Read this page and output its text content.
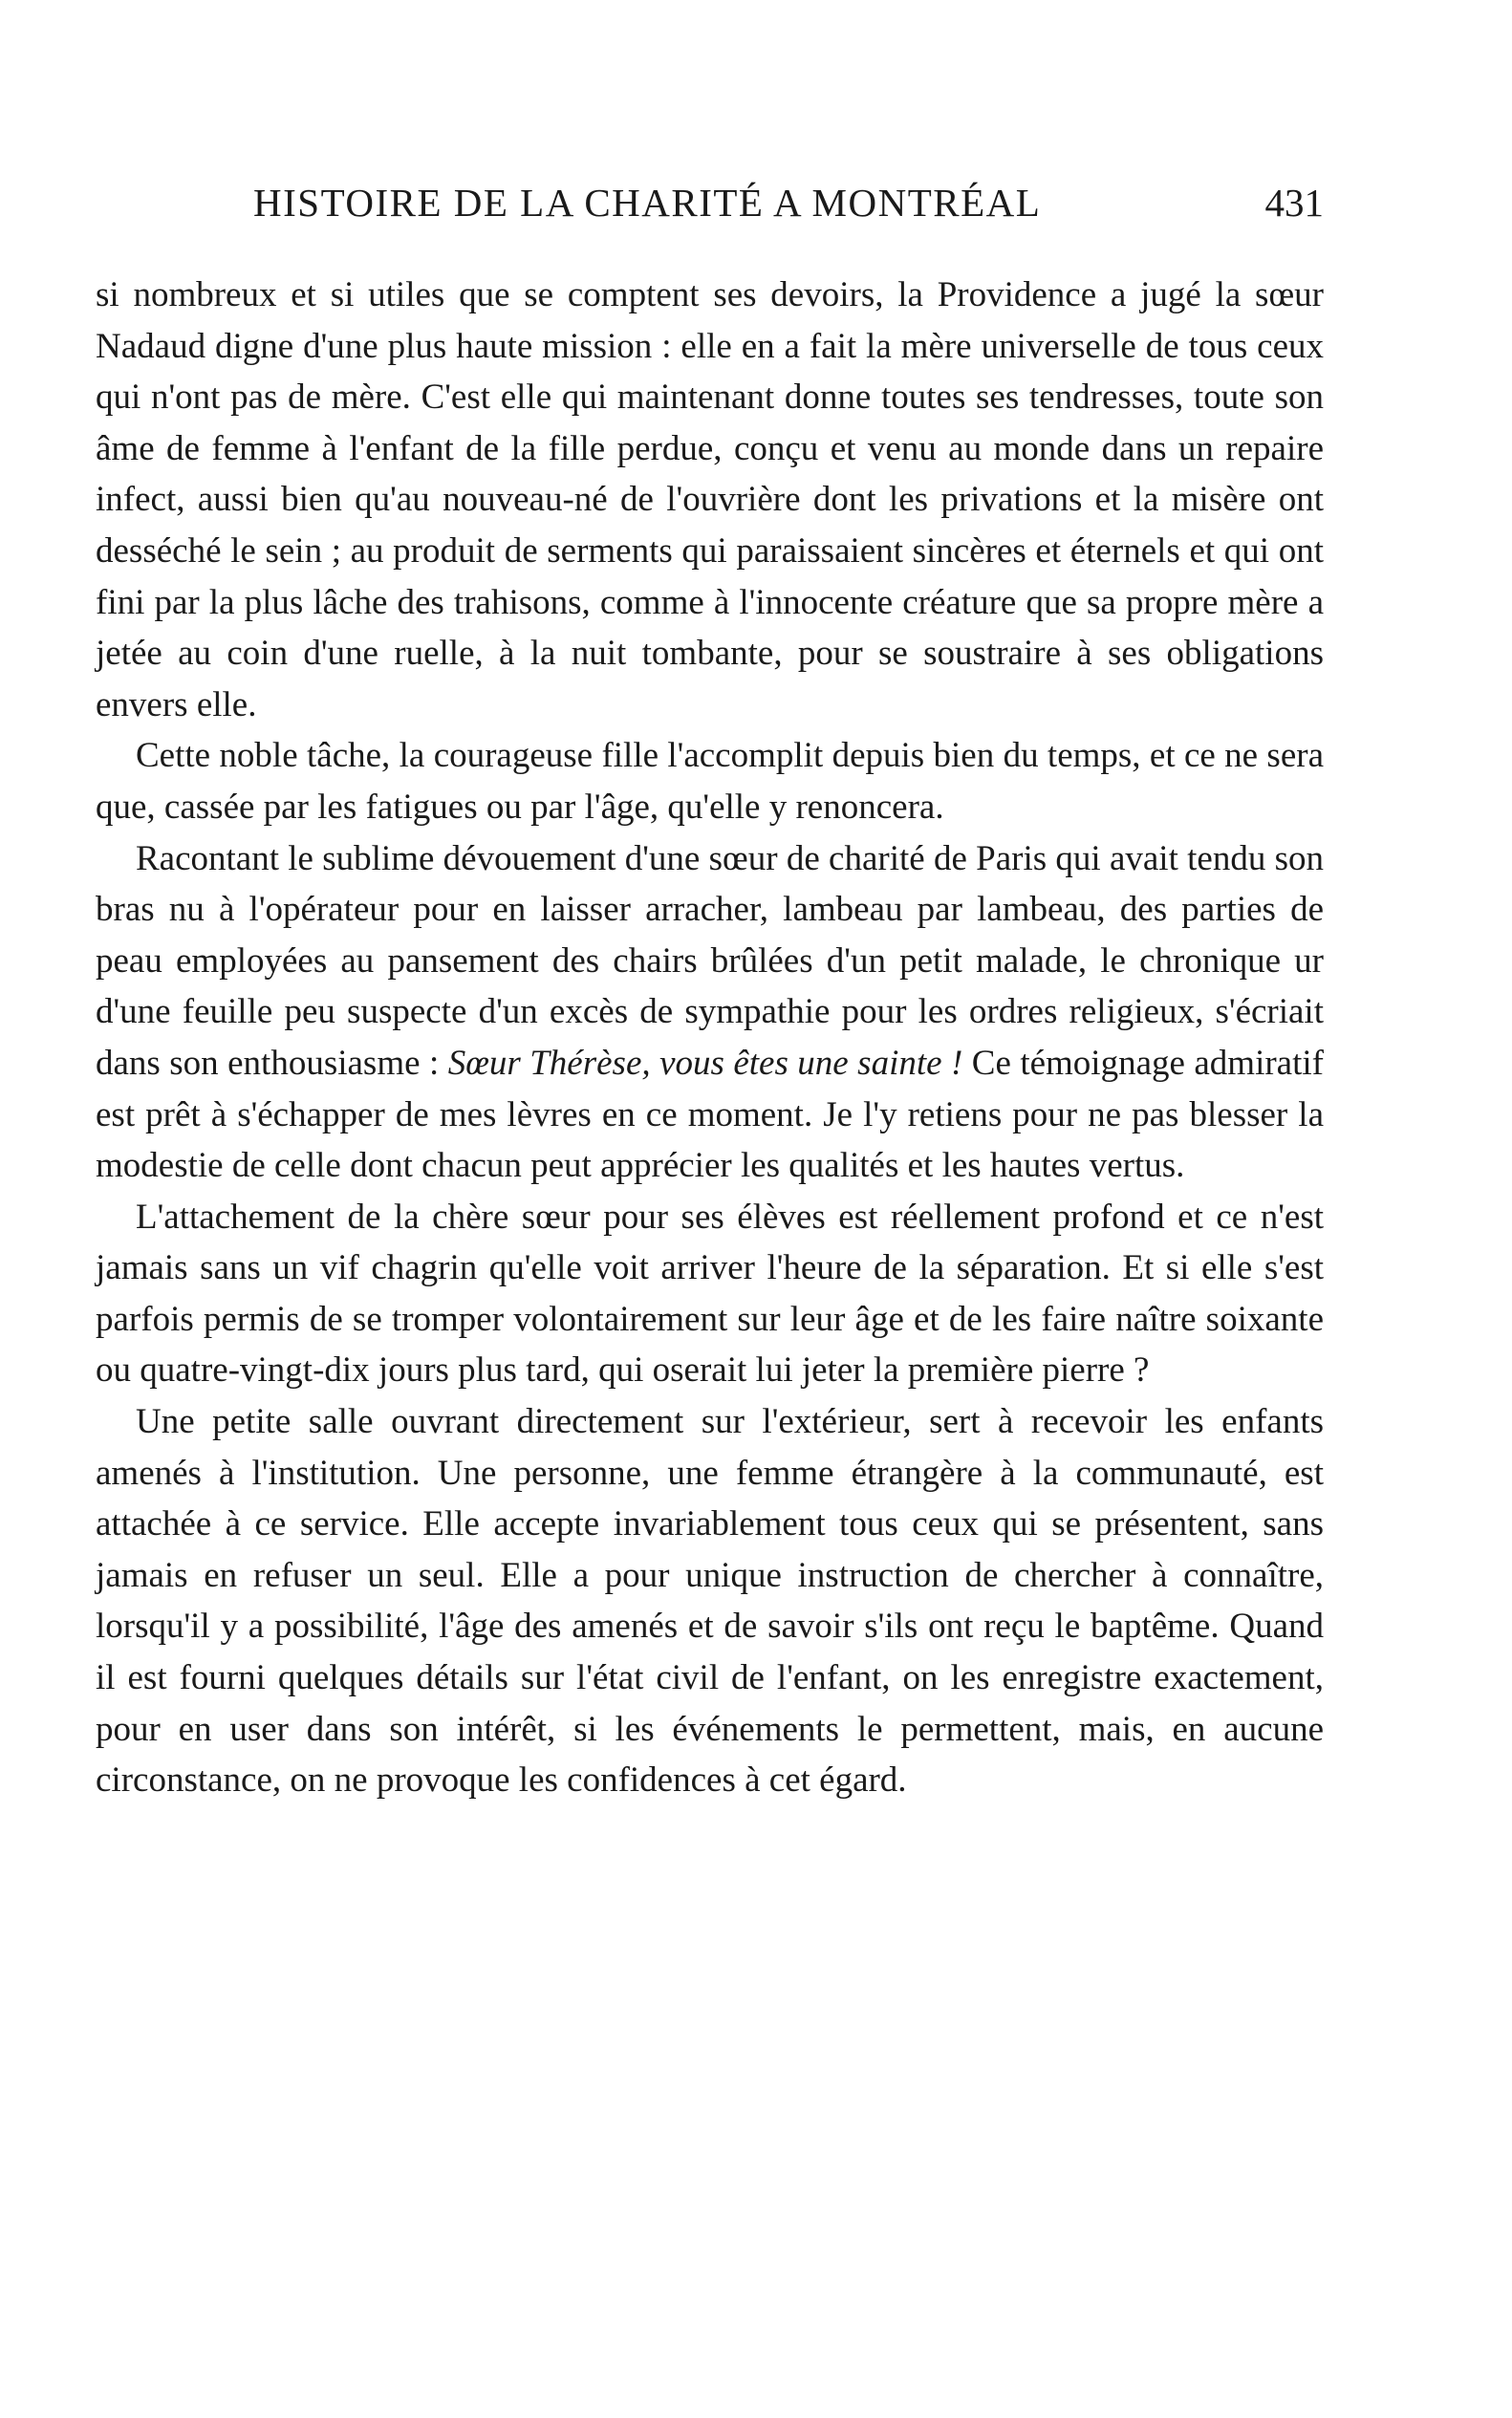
HISTOIRE DE LA CHARITÉ A MONTRÉAL	431

si nombreux et si utiles que se comptent ses devoirs, la Providence a jugé la sœur Nadaud digne d'une plus haute mission : elle en a fait la mère universelle de tous ceux qui n'ont pas de mère. C'est elle qui maintenant donne toutes ses tendresses, toute son âme de femme à l'enfant de la fille perdue, conçu et venu au monde dans un repaire infect, aussi bien qu'au nouveau-né de l'ouvrière dont les privations et la misère ont desséché le sein ; au produit de serments qui paraissaient sincères et éternels et qui ont fini par la plus lâche des trahisons, comme à l'innocente créature que sa propre mère a jetée au coin d'une ruelle, à la nuit tombante, pour se soustraire à ses obligations envers elle.

Cette noble tâche, la courageuse fille l'accomplit depuis bien du temps, et ce ne sera que, cassée par les fatigues ou par l'âge, qu'elle y renoncera.

Racontant le sublime dévouement d'une sœur de charité de Paris qui avait tendu son bras nu à l'opérateur pour en laisser arracher, lambeau par lambeau, des parties de peau employées au pansement des chairs brûlées d'un petit malade, le chronique ur d'une feuille peu suspecte d'un excès de sympathie pour les ordres religieux, s'écriait dans son enthousiasme : Sœur Thérèse, vous êtes une sainte ! Ce témoignage admiratif est prêt à s'échapper de mes lèvres en ce moment. Je l'y retiens pour ne pas blesser la modestie de celle dont chacun peut apprécier les qualités et les hautes vertus.

L'attachement de la chère sœur pour ses élèves est réellement profond et ce n'est jamais sans un vif chagrin qu'elle voit arriver l'heure de la séparation. Et si elle s'est parfois permis de se tromper volontairement sur leur âge et de les faire naître soixante ou quatre-vingt-dix jours plus tard, qui oserait lui jeter la première pierre ?

Une petite salle ouvrant directement sur l'extérieur, sert à recevoir les enfants amenés à l'institution. Une personne, une femme étrangère à la communauté, est attachée à ce service. Elle accepte invariablement tous ceux qui se présentent, sans jamais en refuser un seul. Elle a pour unique instruction de chercher à connaître, lorsqu'il y a possibilité, l'âge des amenés et de savoir s'ils ont reçu le baptême. Quand il est fourni quelques détails sur l'état civil de l'enfant, on les enregistre exactement, pour en user dans son intérêt, si les événements le permettent, mais, en aucune circonstance, on ne provoque les confidences à cet égard.
